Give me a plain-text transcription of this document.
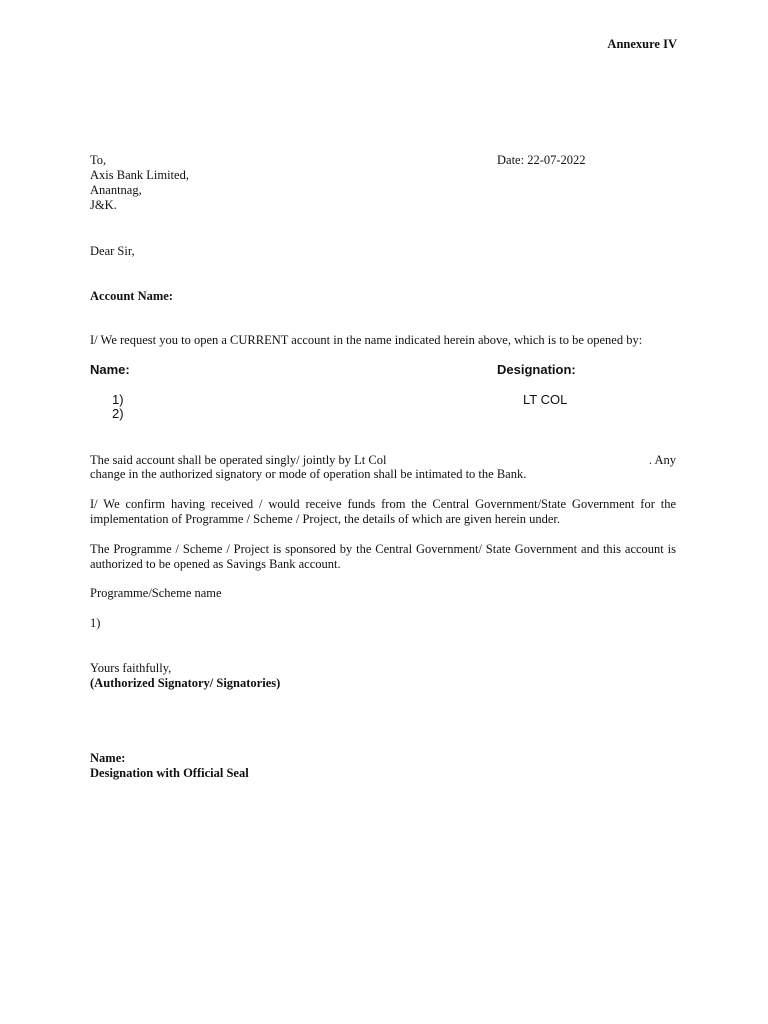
Annexure IV
To,
Axis Bank Limited,
Anantnag,
J&K.
Date: 22-07-2022
Dear Sir,
Account Name:
I/ We request you to open a CURRENT account in the name indicated herein above, which is to be opened by:
Name:	Designation:
1)
2)
LT COL
The said account shall be operated singly/ jointly by Lt Col	. Any
change in the authorized signatory or mode of operation shall be intimated to the Bank.
I/ We confirm having received / would receive funds from the Central Government/State Government for the implementation of Programme / Scheme / Project, the details of which are given herein under.
The Programme / Scheme / Project is sponsored by the Central Government/ State Government and this account is authorized to be opened as Savings Bank account.
Programme/Scheme name
1)
Yours faithfully,
(Authorized Signatory/ Signatories)
Name:
Designation with Official Seal
